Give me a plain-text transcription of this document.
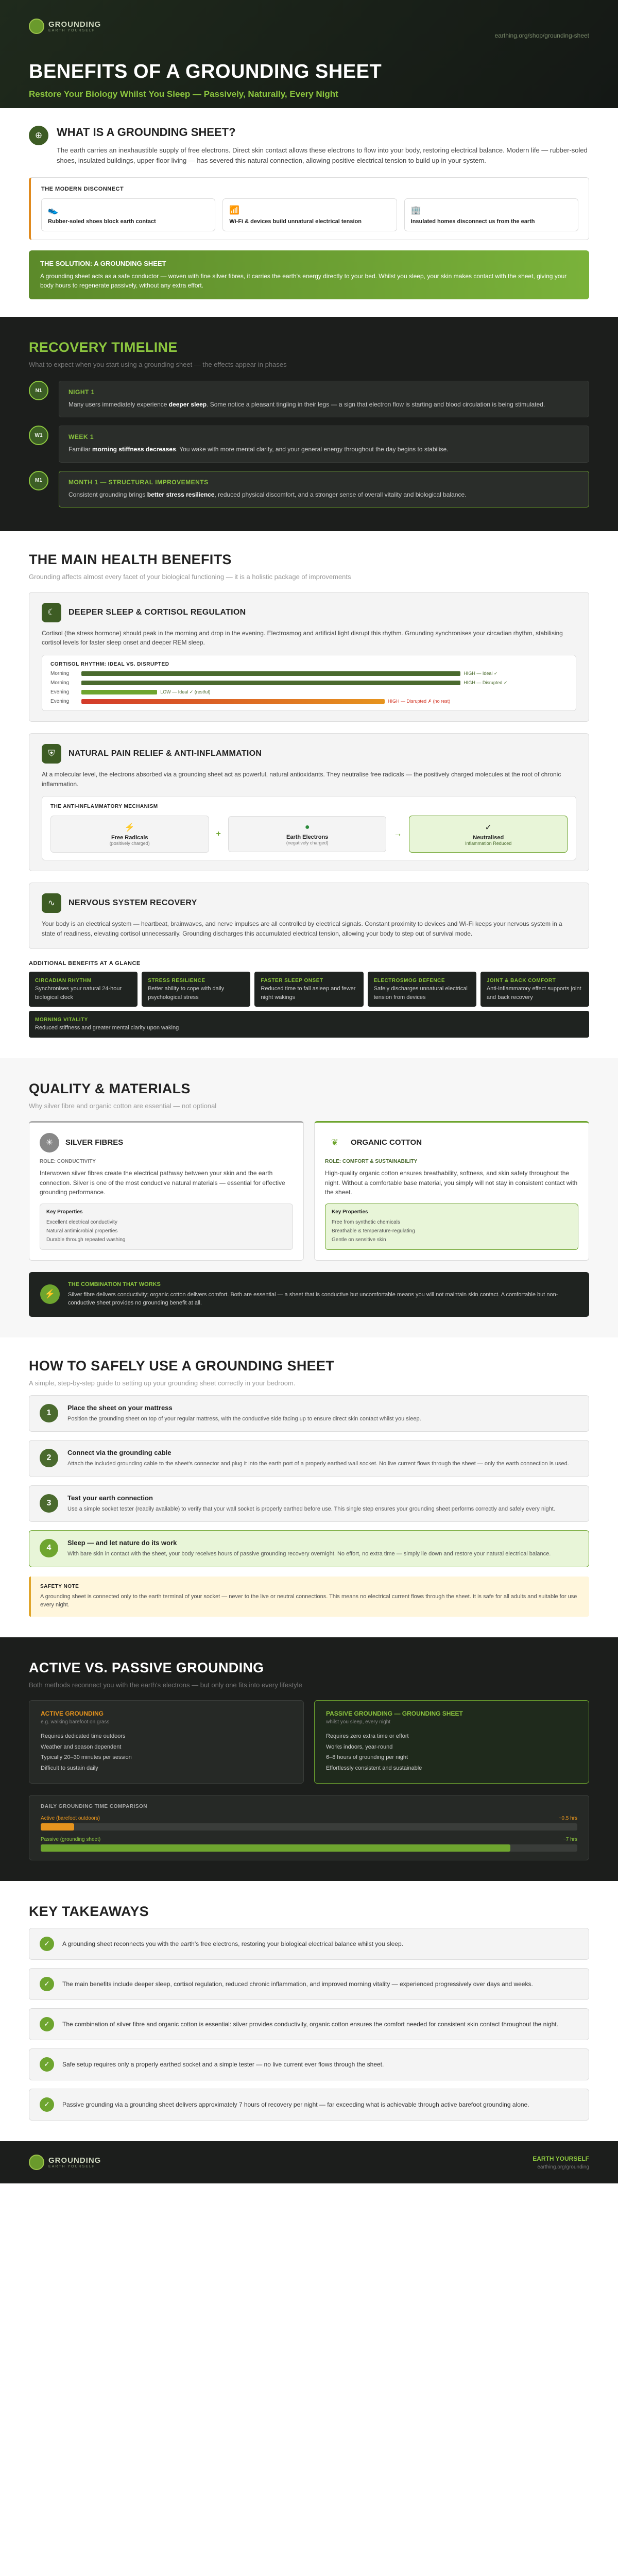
GROUNDING
EARTH YOURSELF
earthing.org/shop/grounding-sheet
BENEFITS OF A GROUNDING SHEET
Restore Your Biology Whilst You Sleep — Passively, Naturally, Every Night
⊕	WHAT IS A GROUNDING SHEET?
The earth carries an inexhaustible supply of free electrons. Direct skin contact allows these electrons to flow into your body, restoring electrical balance. Modern life — rubber-soled shoes, insulated buildings, upper-floor living — has severed this natural connection, allowing positive electrical tension to build up in your system.
THE MODERN DISCONNECT
👟
Rubber-soled shoes block earth contact
📶
Wi-Fi & devices build unnatural electrical tension
🏢
Insulated homes disconnect us from the earth
THE SOLUTION: A GROUNDING SHEET
A grounding sheet acts as a safe conductor — woven with fine silver fibres, it carries the earth's energy directly to your bed. Whilst you sleep, your skin makes contact with the sheet, giving your body hours to regenerate passively, without any extra effort.
RECOVERY TIMELINE
What to expect when you start using a grounding sheet — the effects appear in phases
N1	NIGHT 1
Many users immediately experience deeper sleep. Some notice a pleasant tingling in their legs — a sign that electron flow is starting and blood circulation is being stimulated.
W1	WEEK 1
Familiar morning stiffness decreases. You wake with more mental clarity, and your general energy throughout the day begins to stabilise.
M1	MONTH 1 — STRUCTURAL IMPROVEMENTS
Consistent grounding brings better stress resilience, reduced physical discomfort, and a stronger sense of overall vitality and biological balance.
THE MAIN HEALTH BENEFITS
Grounding affects almost every facet of your biological functioning — it is a holistic package of improvements
☾	DEEPER SLEEP & CORTISOL REGULATION
Cortisol (the stress hormone) should peak in the morning and drop in the evening. Electrosmog and artificial light disrupt this rhythm. Grounding synchronises your circadian rhythm, stabilising cortisol levels for faster sleep onset and deeper REM sleep.
CORTISOL RHYTHM: IDEAL VS. DISRUPTED
Morning	HIGH — Ideal ✓
Morning	HIGH — Disrupted ✓
Evening	LOW — Ideal ✓ (restful)
Evening	HIGH — Disrupted ✗ (no rest)
⛨	NATURAL PAIN RELIEF & ANTI-INFLAMMATION
At a molecular level, the electrons absorbed via a grounding sheet act as powerful, natural antioxidants. They neutralise free radicals — the positively charged molecules at the root of chronic inflammation.
THE ANTI-INFLAMMATORY MECHANISM
⚡
Free Radicals
(positively charged)
+
●
Earth Electrons
(negatively charged)
→
✓
Neutralised
Inflammation Reduced
∿	NERVOUS SYSTEM RECOVERY
Your body is an electrical system — heartbeat, brainwaves, and nerve impulses are all controlled by electrical signals. Constant proximity to devices and Wi-Fi keeps your nervous system in a state of readiness, elevating cortisol unnecessarily. Grounding discharges this accumulated electrical tension, allowing your body to step out of survival mode.
ADDITIONAL BENEFITS AT A GLANCE
CIRCADIAN RHYTHM
Synchronises your natural 24-hour biological clock
STRESS RESILIENCE
Better ability to cope with daily psychological stress
FASTER SLEEP ONSET
Reduced time to fall asleep and fewer night wakings
ELECTROSMOG DEFENCE
Safely discharges unnatural electrical tension from devices
JOINT & BACK COMFORT
Anti-inflammatory effect supports joint and back recovery
MORNING VITALITY
Reduced stiffness and greater mental clarity upon waking
QUALITY & MATERIALS
Why silver fibre and organic cotton are essential — not optional
✳	SILVER FIBRES
ROLE: CONDUCTIVITY
Interwoven silver fibres create the electrical pathway between your skin and the earth connection. Silver is one of the most conductive natural materials — essential for effective grounding performance.
Key Properties
Excellent electrical conductivity
Natural antimicrobial properties
Durable through repeated washing
❦	ORGANIC COTTON
ROLE: COMFORT & SUSTAINABILITY
High-quality organic cotton ensures breathability, softness, and skin safety throughout the night. Without a comfortable base material, you simply will not stay in consistent contact with the sheet.
Key Properties
Free from synthetic chemicals
Breathable & temperature-regulating
Gentle on sensitive skin
⚡
THE COMBINATION THAT WORKS
Silver fibre delivers conductivity; organic cotton delivers comfort. Both are essential — a sheet that is conductive but uncomfortable means you will not maintain skin contact. A comfortable but non-conductive sheet provides no grounding benefit at all.
HOW TO SAFELY USE A GROUNDING SHEET
A simple, step-by-step guide to setting up your grounding sheet correctly in your bedroom.
1
Place the sheet on your mattress

Position the grounding sheet on top of your regular mattress, with the conductive side facing up to ensure direct skin contact whilst you sleep.

2
Connect via the grounding cable

Attach the included grounding cable to the sheet's connector and plug it into the earth port of a properly earthed wall socket. No live current flows through the sheet — only the earth connection is used.

3
Test your earth connection

Use a simple socket tester (readily available) to verify that your wall socket is properly earthed before use. This single step ensures your grounding sheet performs correctly and safely every night.

4
Sleep — and let nature do its work

With bare skin in contact with the sheet, your body receives hours of passive grounding recovery overnight. No effort, no extra time — simply lie down and restore your natural electrical balance.

SAFETY NOTE
A grounding sheet is connected only to the earth terminal of your socket — never to the live or neutral connections. This means no electrical current flows through the sheet. It is safe for all adults and suitable for use every night.
ACTIVE VS. PASSIVE GROUNDING
Both methods reconnect you with the earth's electrons — but only one fits into every lifestyle
ACTIVE GROUNDING
e.g. walking barefoot on grass
Requires dedicated time outdoors
Weather and season dependent
Typically 20–30 minutes per session
Difficult to sustain daily
PASSIVE GROUNDING — GROUNDING SHEET
whilst you sleep, every night
Requires zero extra time or effort
Works indoors, year-round
6–8 hours of grounding per night
Effortlessly consistent and sustainable
DAILY GROUNDING TIME COMPARISON
Active (barefoot outdoors)	~0.5 hrs
Passive (grounding sheet)	~7 hrs
KEY TAKEAWAYS
✓	A grounding sheet reconnects you with the earth's free electrons, restoring your biological electrical balance whilst you sleep.
✓	The main benefits include deeper sleep, cortisol regulation, reduced chronic inflammation, and improved morning vitality — experienced progressively over days and weeks.
✓	The combination of silver fibre and organic cotton is essential: silver provides conductivity, organic cotton ensures the comfort needed for consistent skin contact throughout the night.
✓	Safe setup requires only a properly earthed socket and a simple tester — no live current ever flows through the sheet.
✓	Passive grounding via a grounding sheet delivers approximately 7 hours of recovery per night — far exceeding what is achievable through active barefoot grounding alone.
GROUNDING
EARTH YOURSELF
EARTH YOURSELF
earthing.org/grounding
